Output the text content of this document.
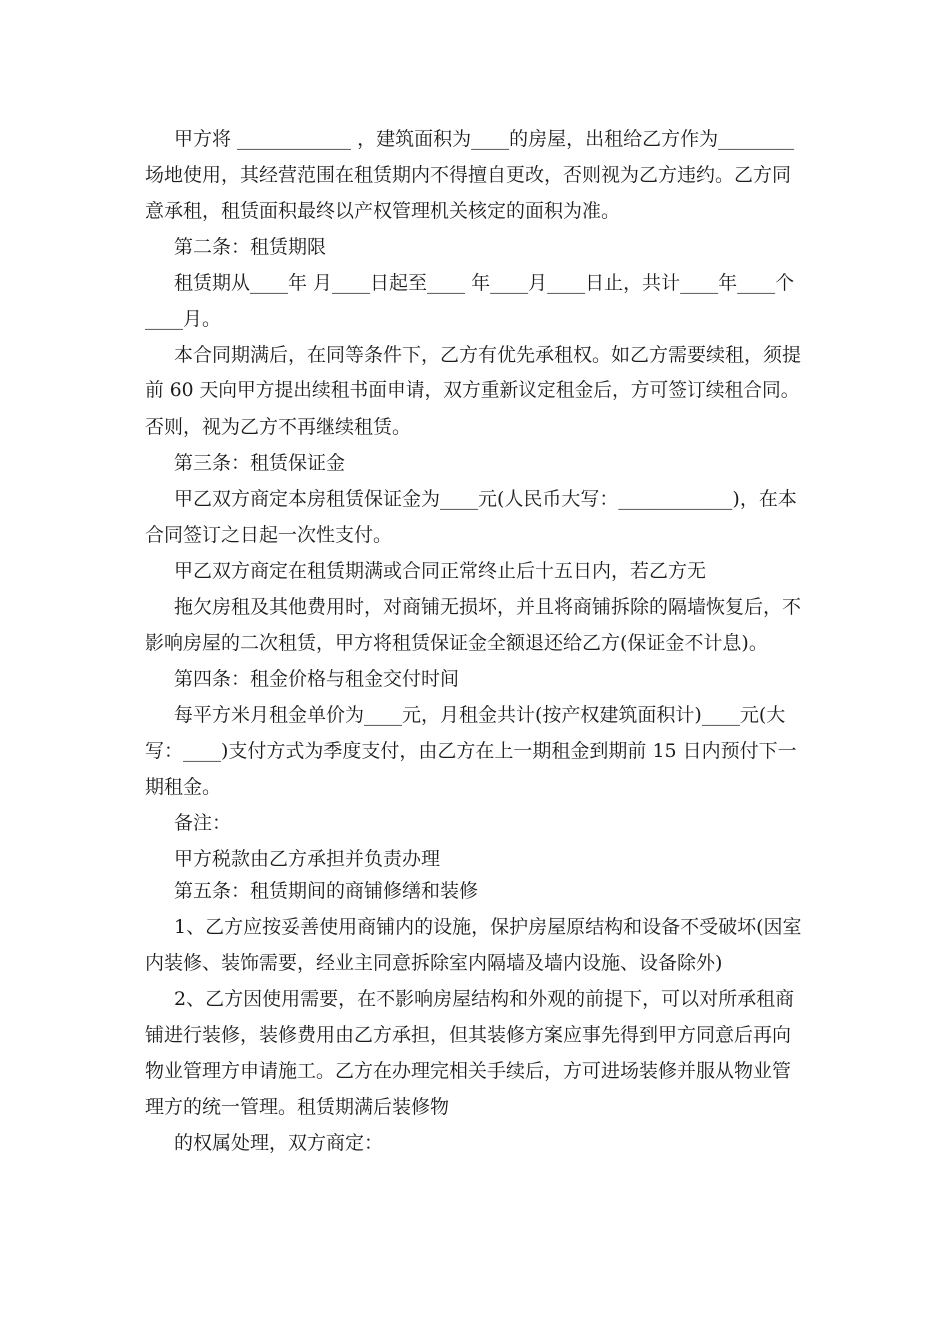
甲方将 ____________ ，建筑面积为____的房屋，出租给乙方作为________
场地使用，其经营范围在租赁期内不得擅自更改，否则视为乙方违约。乙方同
意承租，租赁面积最终以产权管理机关核定的面积为准。
第二条：租赁期限
租赁期从____年 月____日起至____ 年____月____日止，共计____年____个
____月。
本合同期满后，在同等条件下，乙方有优先承租权。如乙方需要续租，须提
前 60 天向甲方提出续租书面申请，双方重新议定租金后，方可签订续租合同。
否则，视为乙方不再继续租赁。
第三条：租赁保证金
甲乙双方商定本房租赁保证金为____元(人民币大写：____________)，在本
合同签订之日起一次性支付。
甲乙双方商定在租赁期满或合同正常终止后十五日内，若乙方无
拖欠房租及其他费用时，对商铺无损坏，并且将商铺拆除的隔墙恢复后，不
影响房屋的二次租赁，甲方将租赁保证金全额退还给乙方(保证金不计息)。
第四条：租金价格与租金交付时间
每平方米月租金单价为____元，月租金共计(按产权建筑面积计)____元(大
写：____)支付方式为季度支付，由乙方在上一期租金到期前 15 日内预付下一
期租金。
备注：
甲方税款由乙方承担并负责办理
第五条：租赁期间的商铺修缮和装修
1、乙方应按妥善使用商铺内的设施，保护房屋原结构和设备不受破坏(因室
内装修、装饰需要，经业主同意拆除室内隔墙及墙内设施、设备除外)
2、乙方因使用需要，在不影响房屋结构和外观的前提下，可以对所承租商
铺进行装修，装修费用由乙方承担，但其装修方案应事先得到甲方同意后再向
物业管理方申请施工。乙方在办理完相关手续后，方可进场装修并服从物业管
理方的统一管理。租赁期满后装修物
的权属处理，双方商定：
